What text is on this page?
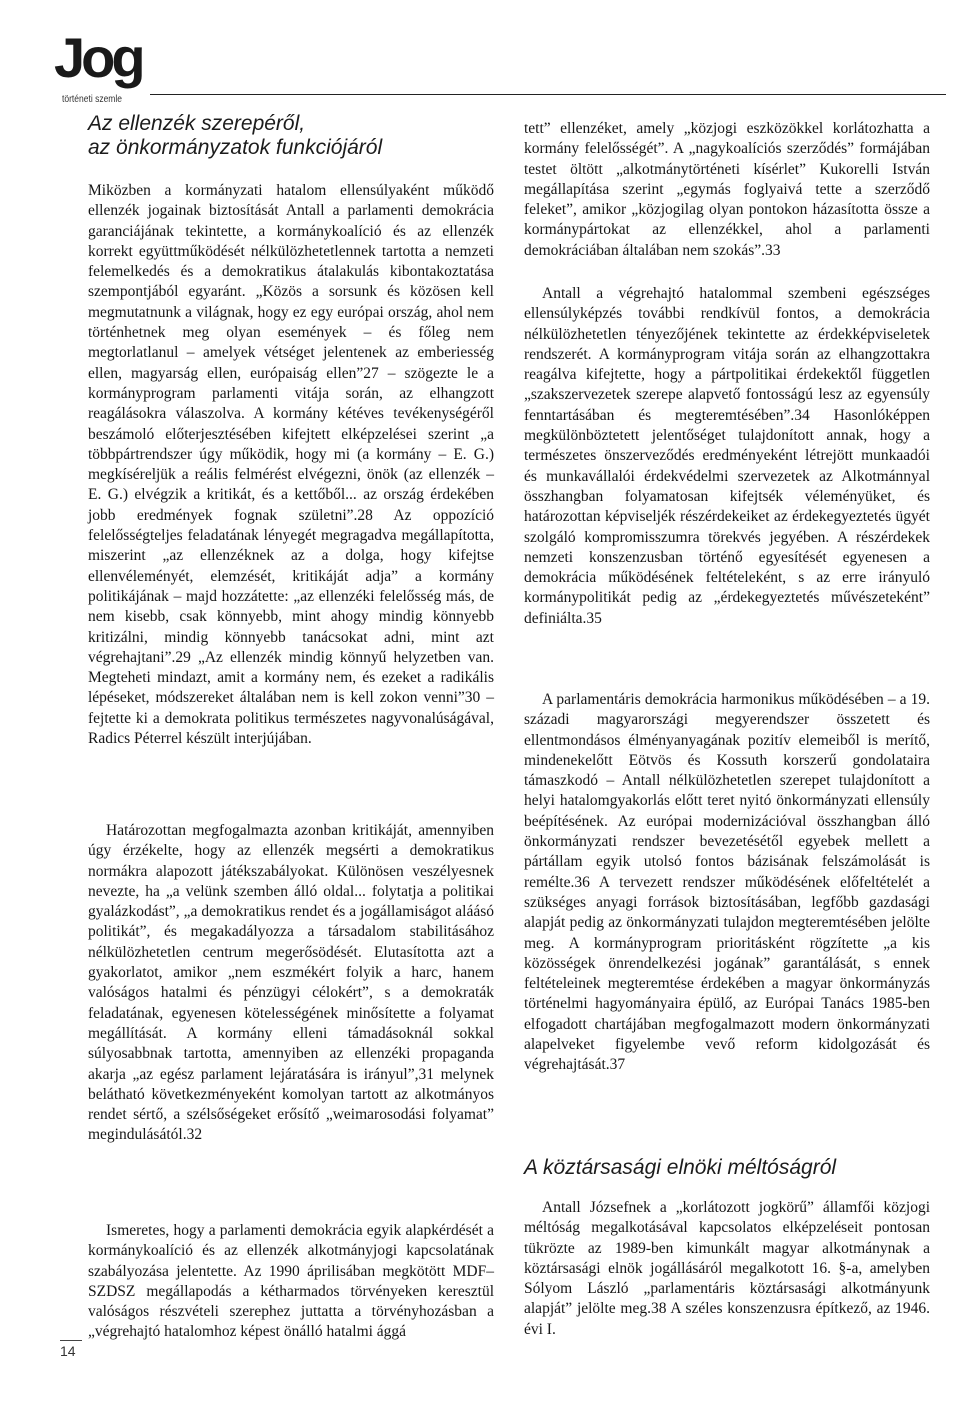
Jog
történeti szemle
Az ellenzék szerepéről,
az önkormányzatok funkciójáról

Miközben a kormányzati hatalom ellensúlyaként működő ellenzék jogainak biztosítását Antall a parlamenti demokrácia garanciájának tekintette, a kormánykoalíció és az ellenzék korrekt együttműködését nélkülözhetetlennek tartotta a nemzeti felemelkedés és a demokratikus átalakulás kibontakoztatása szempontjából egyaránt. „Közös a sorsunk és közösen kell megmutatnunk a világnak, hogy ez egy európai ország, ahol nem történhetnek meg olyan események – és főleg nem megtorlatlanul – amelyek vétséget jelentenek az emberiesség ellen, magyarság ellen, európaiság ellen”27 – szögezte le a kormányprogram parlamenti vitája során, az elhangzott reagálásokra válaszolva. A kormány kétéves tevékenységéről beszámoló előterjesztésében kifejtett elképzelései szerint „a többpártrendszer úgy működik, hogy mi (a kormány – E. G.) megkíséreljük a reális felmérést elvégezni, önök (az ellenzék – E. G.) elvégzik a kritikát, és a kettőből... az ország érdekében jobb eredmények fognak születni”.28 Az oppozíció felelősségteljes feladatának lényegét megragadva megállapította, miszerint „az ellenzéknek az a dolga, hogy kifejtse ellenvéleményét, elemzését, kritikáját adja” a kormány politikájának – majd hozzátette: „az ellenzéki felelősség más, de nem kisebb, csak könnyebb, mint ahogy mindig könnyebb kritizálni, mindig könnyebb tanácsokat adni, mint azt végrehajtani”.29 „Az ellenzék mindig könnyű helyzetben van. Megteheti mindazt, amit a kormány nem, és ezeket a radikális lépéseket, módszereket általában nem is kell zokon venni”30 – fejtette ki a demokrata politikus természetes nagyvonalúságával, Radics Péterrel készült interjújában.

Határozottan megfogalmazta azonban kritikáját, amennyiben úgy érzékelte, hogy az ellenzék megsérti a demokratikus normákra alapozott játékszabályokat. Különösen veszélyesnek nevezte, ha „a velünk szemben álló oldal... folytatja a politikai gyalázkodást”, „a demokratikus rendet és a jogállamiságot aláásó politikát”, és megakadályozza a társadalom stabilitásához nélkülözhetetlen centrum megerősödését. Elutasította azt a gyakorlatot, amikor „nem eszmékért folyik a harc, hanem valóságos hatalmi és pénzügyi célokért”, s a demokraták feladatának, egyenesen kötelességének minősítette a folyamat megállítását. A kormány elleni támadásoknál sokkal súlyosabbnak tartotta, amennyiben az ellenzéki propaganda akarja „az egész parlament lejáratására is irányul”,31 melynek belátható következményeként komolyan tartott az alkotmányos rendet sértő, a szélsőségeket erősítő „weimarosodási folyamat” megindulásától.32

Ismeretes, hogy a parlamenti demokrácia egyik alapkérdését a kormánykoalíció és az ellenzék alkotmányjogi kapcsolatának szabályozása jelentette. Az 1990 áprilisában megkötött MDF–SZDSZ megállapodás a kétharmados törvényeken keresztül valóságos részvételi szerephez juttatta a törvényhozásban a „végrehajtó hatalomhoz képest önálló hatalmi ággá

tett” ellenzéket, amely „közjogi eszközökkel korlátozhatta a kormány felelősségét”. A „nagykoalíciós szerződés” formájában testet öltött „alkotmánytörténeti kísérlet” Kukorelli István megállapítása szerint „egymás foglyaivá tette a szerződő feleket”, amikor „közjogilag olyan pontokon házasította össze a kormánypártokat az ellenzékkel, ahol a parlamenti demokráciában általában nem szokás”.33

Antall a végrehajtó hatalommal szembeni egészséges ellensúlyképzés további rendkívül fontos, a demokrácia nélkülözhetetlen tényezőjének tekintette az érdekképviseletek rendszerét. A kormányprogram vitája során az elhangzottakra reagálva kifejtette, hogy a pártpolitikai érdekektől független „szakszervezetek szerepe alapvető fontosságú lesz az egyensúly fenntartásában és megteremtésében”.34 Hasonlóképpen megkülönböztetett jelentőséget tulajdonított annak, hogy a természetes önszerveződés eredményeként létrejött munkaadói és munkavállalói érdekvédelmi szervezetek az Alkotmánnyal összhangban folyamatosan kifejtsék véleményüket, és határozottan képviseljék részérdekeiket az érdekegyeztetés ügyét szolgáló kompromisszumra törekvés jegyében. A részérdekek nemzeti konszenzusban történő egyesítését egyenesen a demokrácia működésének feltételeként, s az erre irányuló kormánypolitikát pedig az „érdekegyeztetés művészeteként” definiálta.35

A parlamentáris demokrácia harmonikus működésében – a 19. századi magyarországi megyerendszer összetett és ellentmondásos élményanyagának pozitív elemeiből is merítő, mindenekelőtt Eötvös és Kossuth korszerű gondolataira támaszkodó – Antall nélkülözhetetlen szerepet tulajdonított a helyi hatalomgyakorlás előtt teret nyitó önkormányzati ellensúly beépítésének. Az európai modernizációval összhangban álló önkormányzati rendszer bevezetésétől egyebek mellett a pártállam egyik utolsó fontos bázisának felszámolását is remélte.36 A tervezett rendszer működésének előfeltételét a szükséges anyagi források biztosításában, legfőbb gazdasági alapját pedig az önkormányzati tulajdon megteremtésében jelölte meg. A kormányprogram prioritásként rögzítette „a kis közösségek önrendelkezési jogának” garantálását, s ennek feltételeinek megteremtése érdekében a magyar önkormányzás történelmi hagyományaira épülő, az Európai Tanács 1985-ben elfogadott chartájában megfogalmazott modern önkormányzati alapelveket figyelembe vevő reform kidolgozását és végrehajtását.37

A köztársasági elnöki méltóságról

Antall Józsefnek a „korlátozott jogkörű” államfői közjogi méltóság megalkotásával kapcsolatos elképzeléseit pontosan tükrözte az 1989-ben kimunkált magyar alkotmánynak a köztársasági elnök jogállásáról megalkotott 16. §-a, amelyben Sólyom László „parlamentáris köztársasági alkotmányunk alapját” jelölte meg.38 A széles konszenzusra építkező, az 1946. évi I.

14
